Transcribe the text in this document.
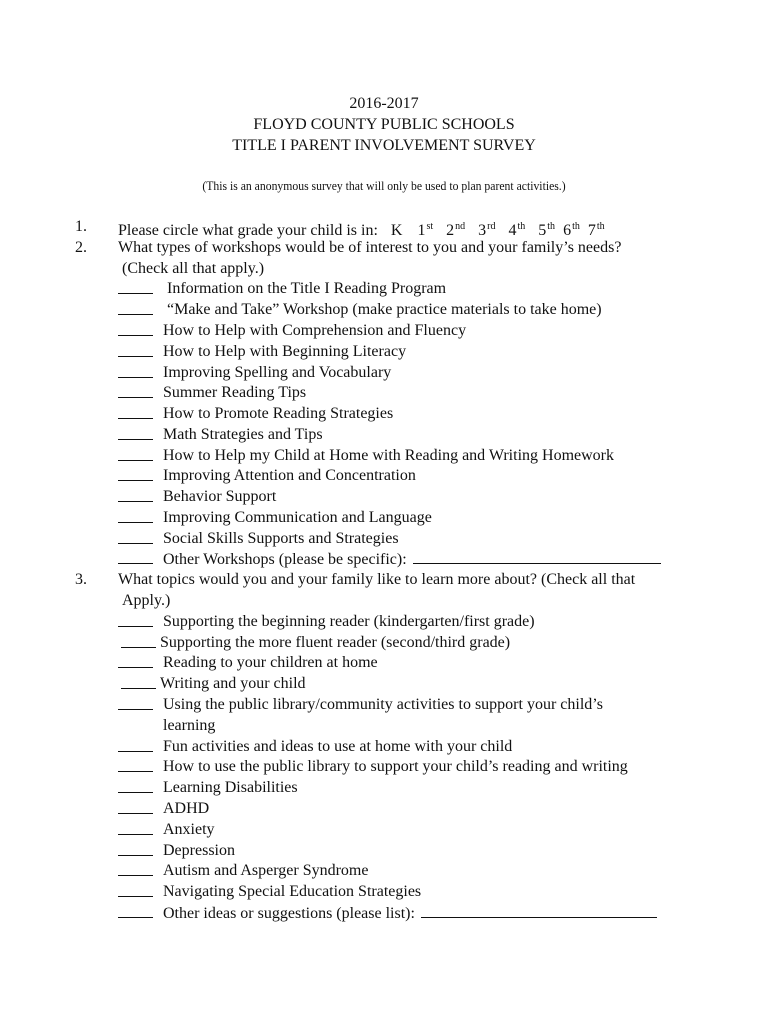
2016-2017
FLOYD COUNTY PUBLIC SCHOOLS
TITLE I PARENT INVOLVEMENT SURVEY
(This is an anonymous survey that will only be used to plan parent activities.)
1. Please circle what grade your child is in: K 1st 2nd 3rd 4th 5th 6th 7th
2. What types of workshops would be of interest to you and your family’s needs?
(Check all that apply.)
Information on the Title I Reading Program
“Make and Take” Workshop (make practice materials to take home)
How to Help with Comprehension and Fluency
How to Help with Beginning Literacy
Improving Spelling and Vocabulary
Summer Reading Tips
How to Promote Reading Strategies
Math Strategies and Tips
How to Help my Child at Home with Reading and Writing Homework
Improving Attention and Concentration
Behavior Support
Improving Communication and Language
Social Skills Supports and Strategies
Other Workshops (please be specific):
3. What topics would you and your family like to learn more about? (Check all that
Apply.)
Supporting the beginning reader (kindergarten/first grade)
Supporting the more fluent reader (second/third grade)
Reading to your children at home
Writing and your child
Using the public library/community activities to support your child’s
learning
Fun activities and ideas to use at home with your child
How to use the public library to support your child’s reading and writing
Learning Disabilities
ADHD
Anxiety
Depression
Autism and Asperger Syndrome
Navigating Special Education Strategies
Other ideas or suggestions (please list):
